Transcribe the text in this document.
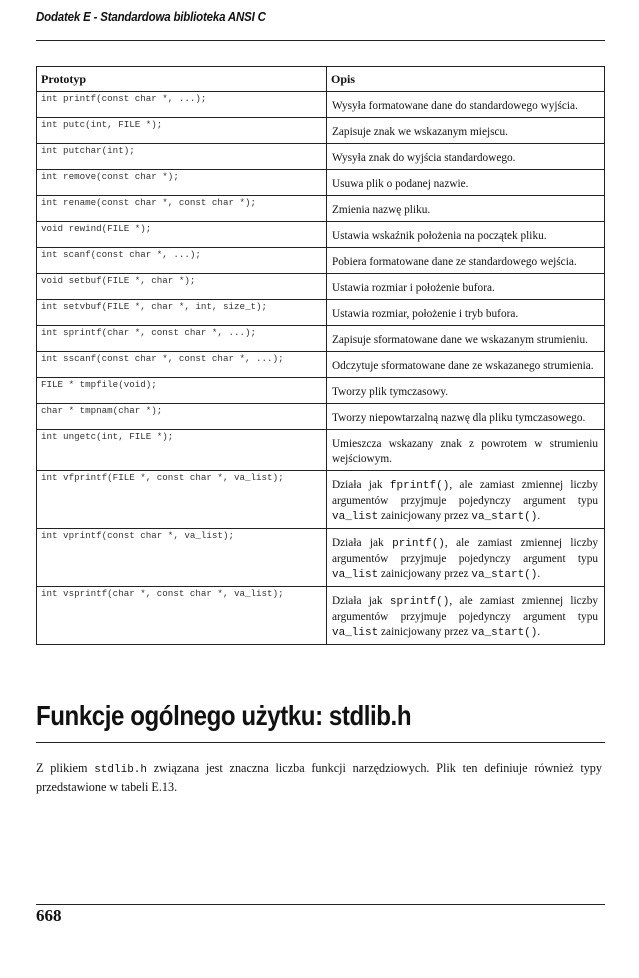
Dodatek E - Standardowa biblioteka ANSI C
Prototyp	Opis
int printf(const char *, ...);	Wysyła formatowane dane do standardowego wyjścia.
int putc(int, FILE *);	Zapisuje znak we wskazanym miejscu.
int putchar(int);	Wysyła znak do wyjścia standardowego.
int remove(const char *);	Usuwa plik o podanej nazwie.
int rename(const char *, const char *);	Zmienia nazwę pliku.
void rewind(FILE *);	Ustawia wskaźnik położenia na początek pliku.
int scanf(const char *, ...);	Pobiera formatowane dane ze standardowego wejścia.
void setbuf(FILE *, char *);	Ustawia rozmiar i położenie bufora.
int setvbuf(FILE *, char *, int, size_t);	Ustawia rozmiar, położenie i tryb bufora.
int sprintf(char *, const char *, ...);	Zapisuje sformatowane dane we wskazanym strumieniu.
int sscanf(const char *, const char *, ...);	Odczytuje sformatowane dane ze wskazanego strumienia.
FILE * tmpfile(void);	Tworzy plik tymczasowy.
char * tmpnam(char *);	Tworzy niepowtarzalną nazwę dla pliku tymczasowego.
int ungetc(int, FILE *);	Umieszcza wskazany znak z powrotem w strumieniu wejściowym.
int vfprintf(FILE *, const char *, va_list);	Działa jak fprintf(), ale zamiast zmiennej liczby argumentów przyjmuje pojedynczy argument typu va_list zainicjowany przez va_start().
int vprintf(const char *, va_list);	Działa jak printf(), ale zamiast zmiennej liczby argumentów przyjmuje pojedynczy argument typu va_list zainicjowany przez va_start().
int vsprintf(char *, const char *, va_list);	Działa jak sprintf(), ale zamiast zmiennej liczby argumentów przyjmuje pojedynczy argument typu va_list zainicjowany przez va_start().
Funkcje ogólnego użytku: stdlib.h

Z plikiem stdlib.h związana jest znaczna liczba funkcji narzędziowych. Plik ten definiuje również typy przedstawione w tabeli E.13.

668
